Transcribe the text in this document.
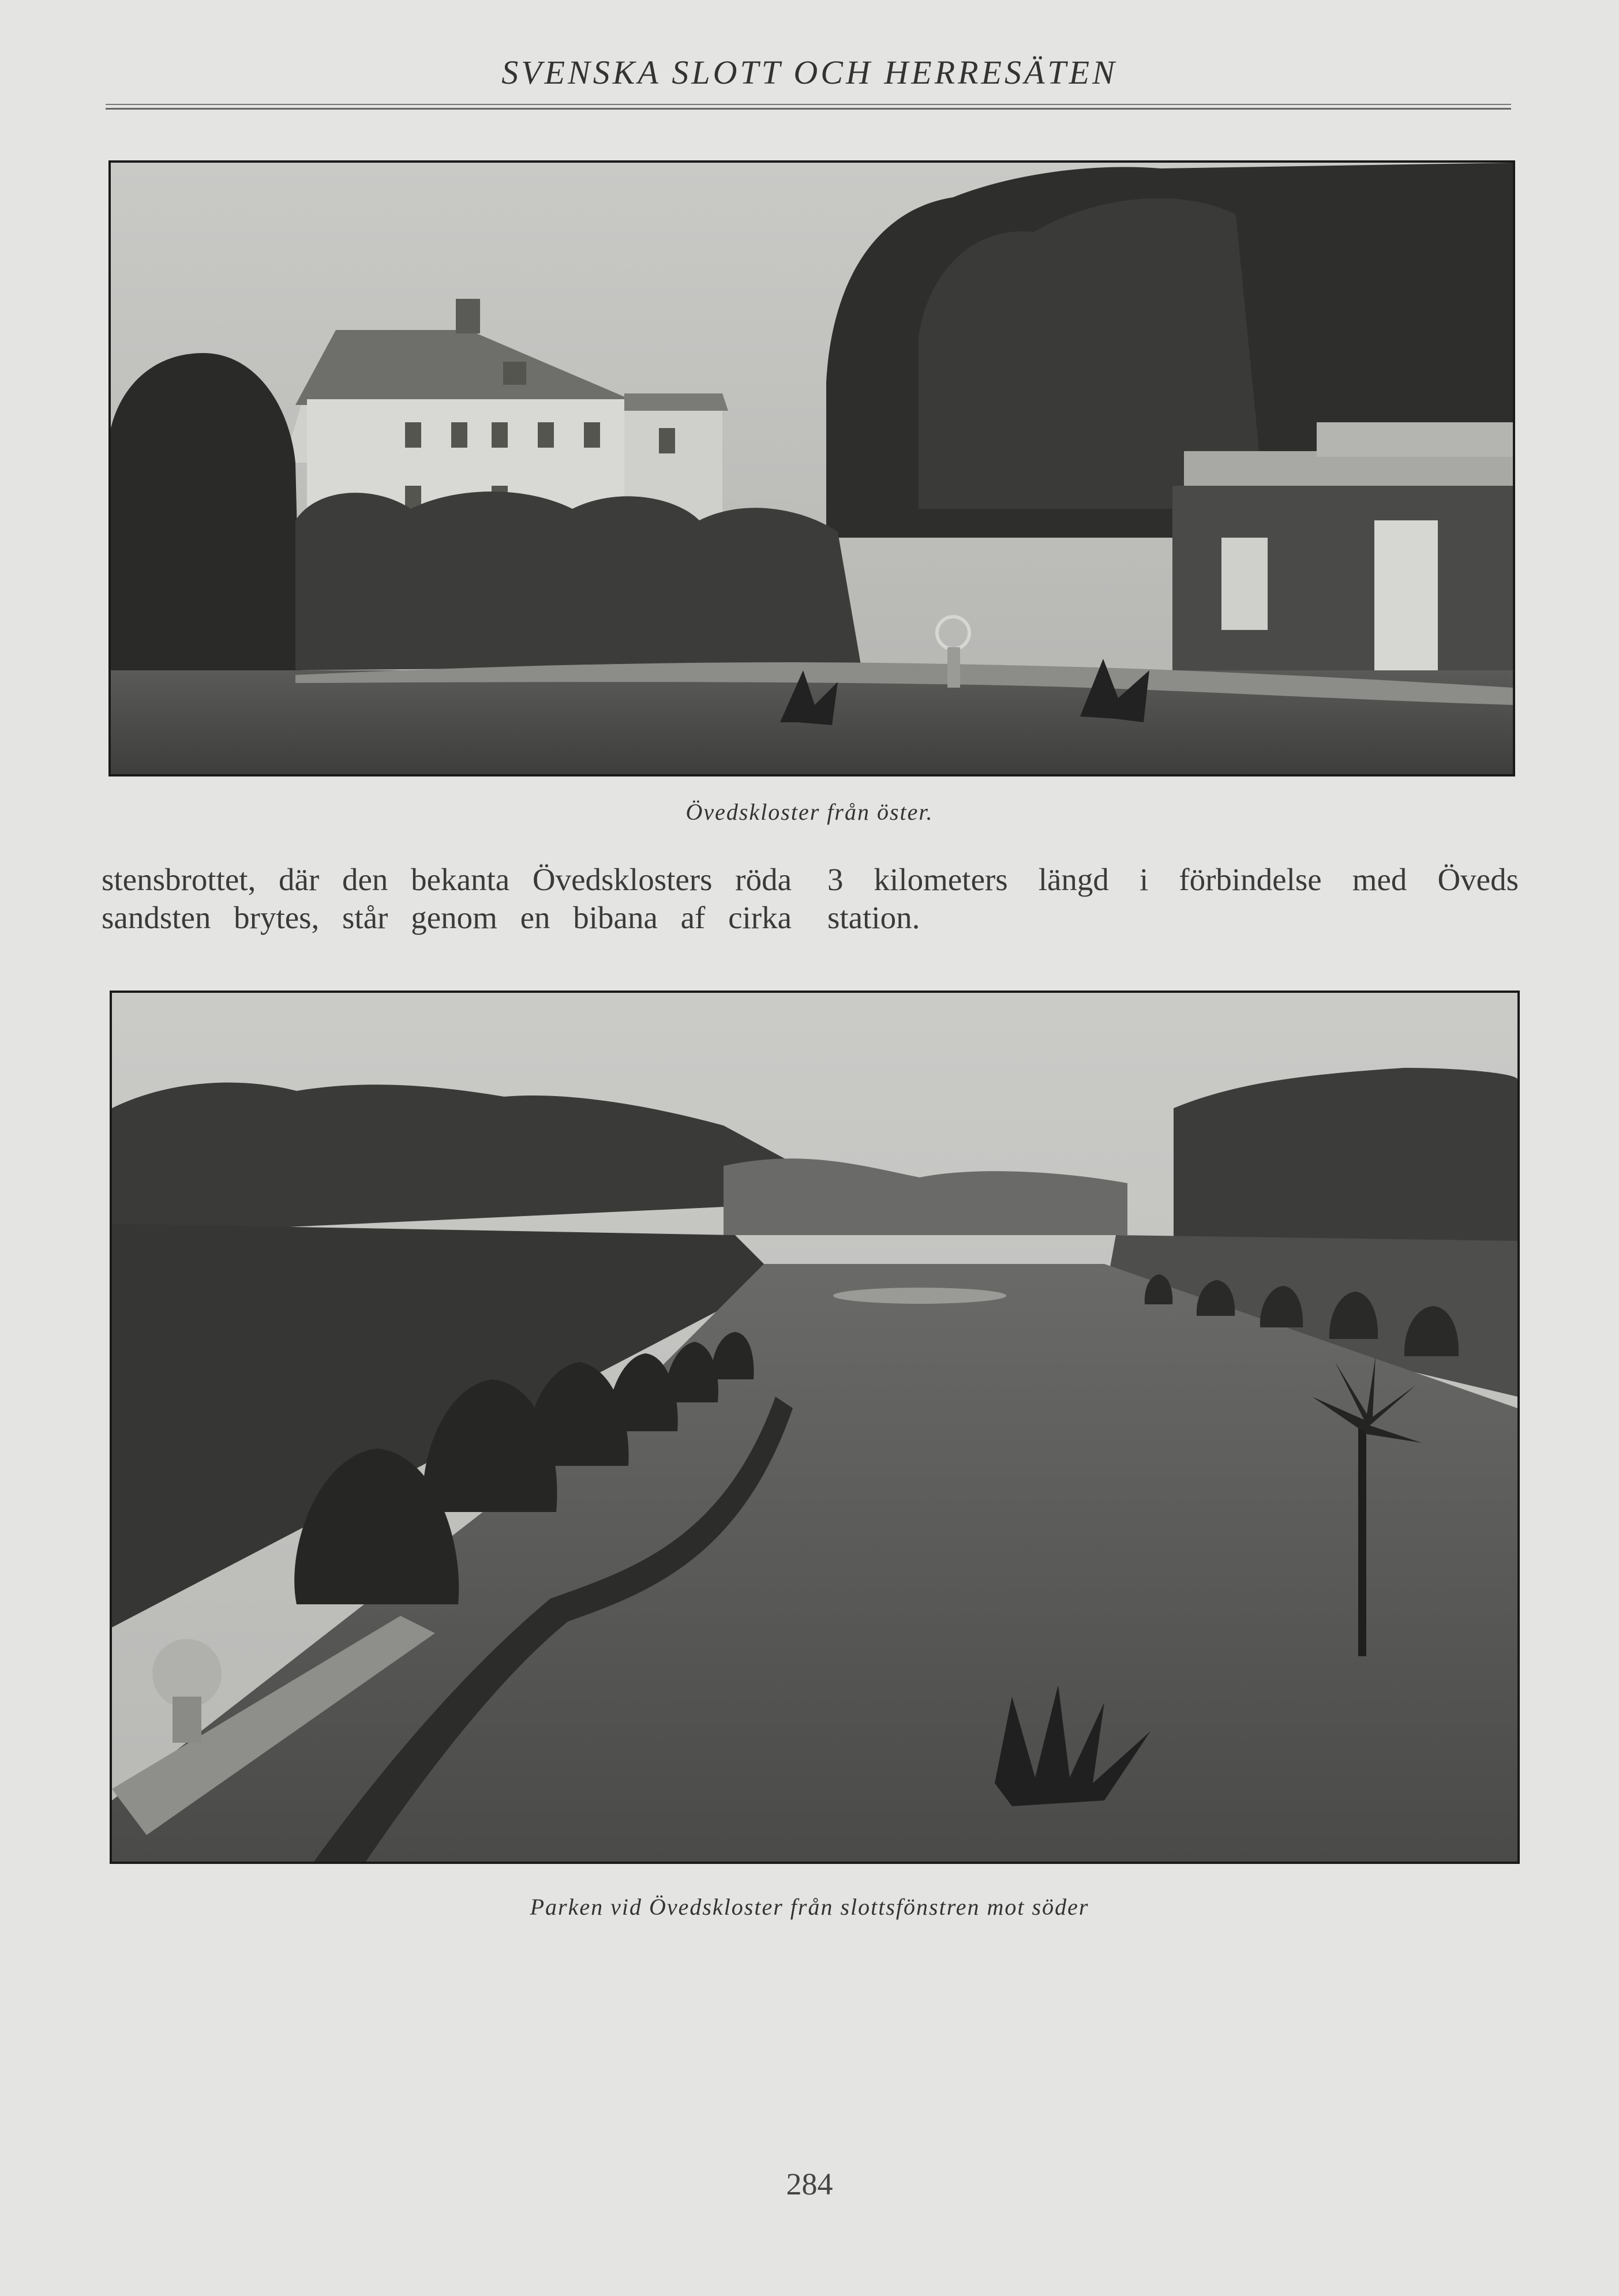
SVENSKA SLOTT OCH HERRESÄTEN
Övedskloster från öster.
stensbrottet, där den bekanta Övedsklosters röda
sandsten brytes, står genom en bibana af cirka
3 kilometers längd i förbindelse med Öveds
station.
Parken vid Övedskloster från slottsfönstren mot söder
284
